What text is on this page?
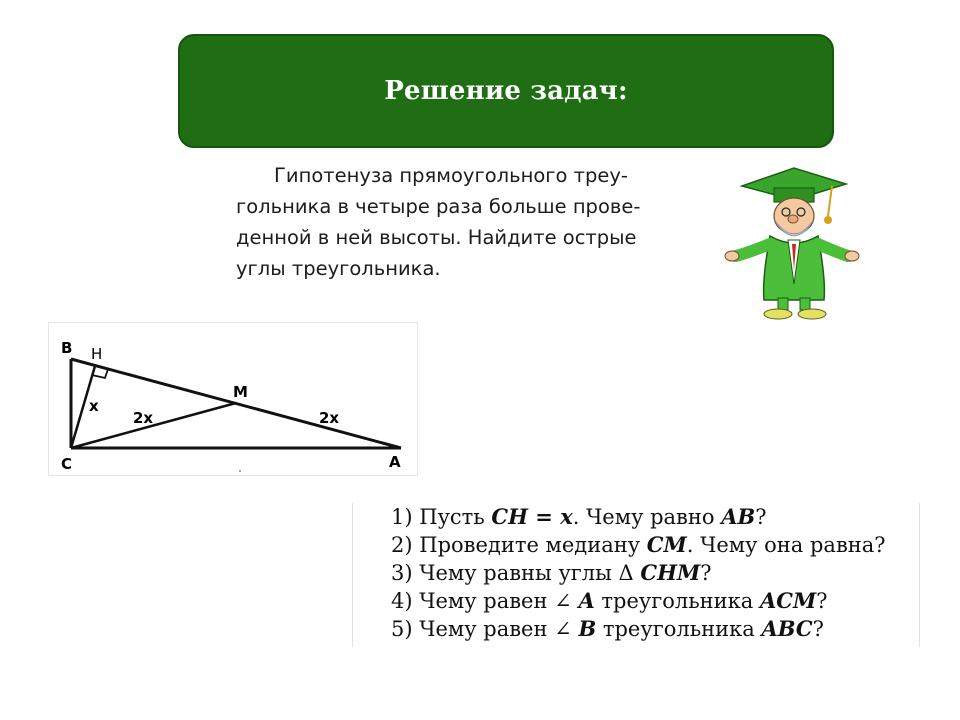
Решение задач:
Гипотенуза прямоугольного треу-
гольника в четыре раза больше прове-
денной в ней высоты. Найдите острые
углы треугольника.
B H
M
C	A
x
2x	2x
1) Пусть CH = x. Чему равно AB?
2) Проведите медиану CM. Чему она равна?
3) Чему равны углы Δ CHM?
4) Чему равен ∠ A треугольника ACM?
5) Чему равен ∠ B треугольника ABC?
